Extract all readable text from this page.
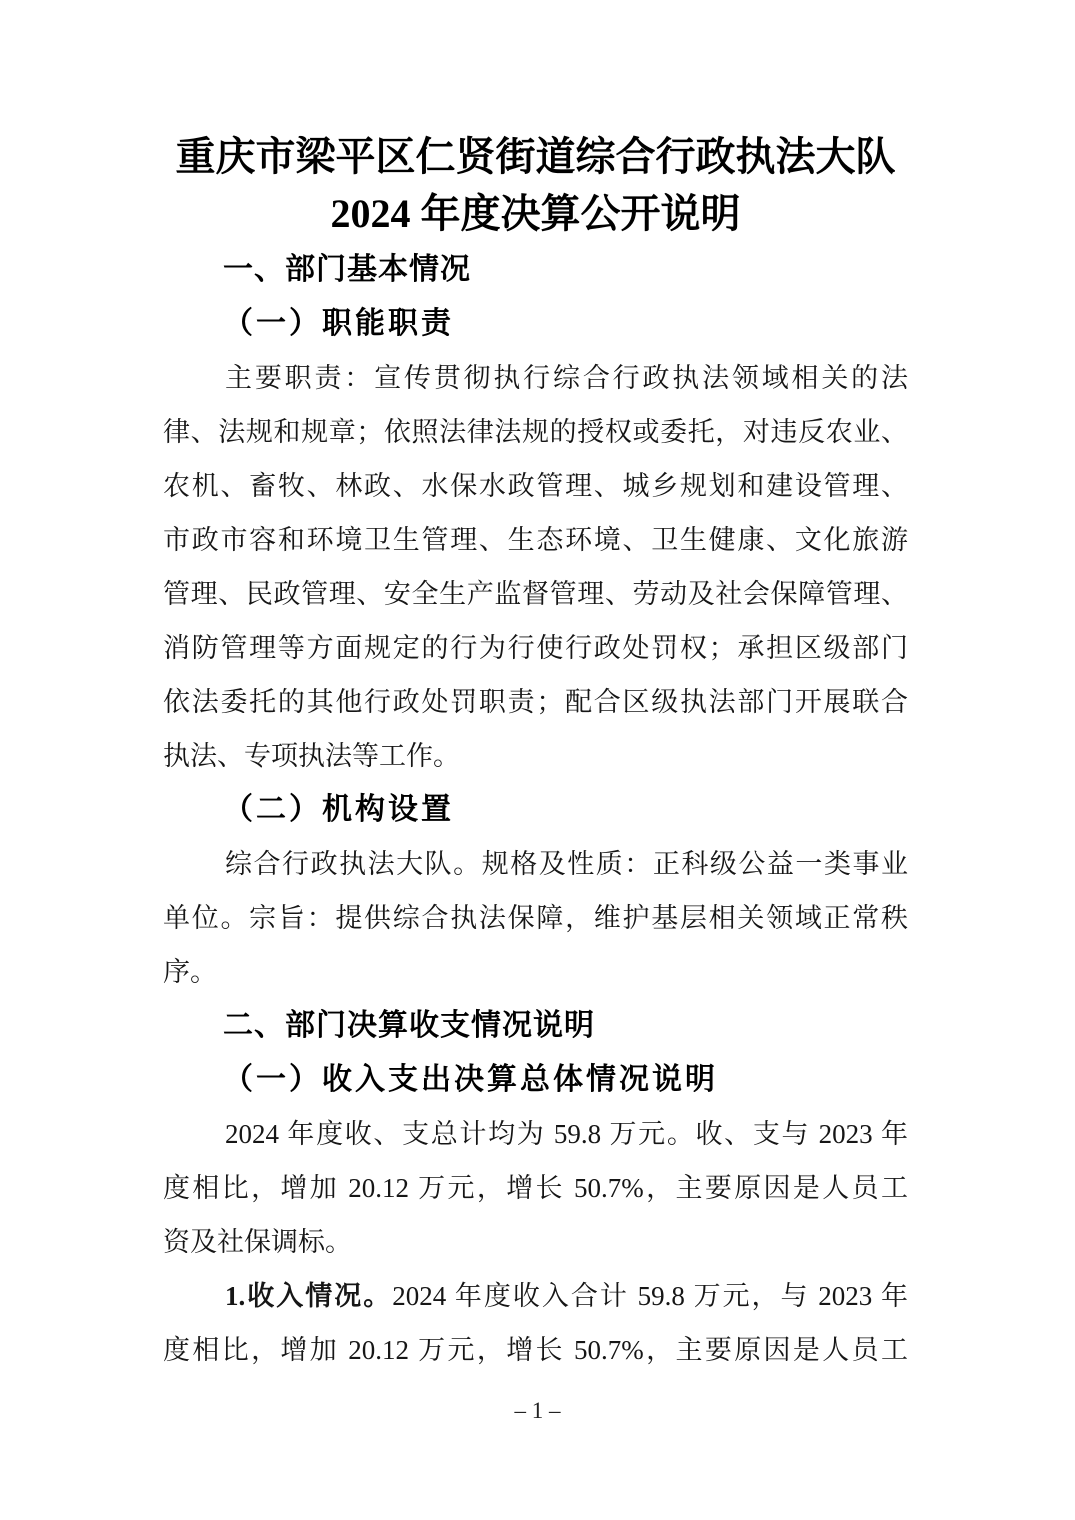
重庆市梁平区仁贤街道综合行政执法大队
2024 年度决算公开说明
一、部门基本情况
（一）职能职责
主要职责：宣传贯彻执行综合行政执法领域相关的法
律、法规和规章；依照法律法规的授权或委托，对违反农业、
农机、畜牧、林政、水保水政管理、城乡规划和建设管理、
市政市容和环境卫生管理、生态环境、卫生健康、文化旅游
管理、民政管理、安全生产监督管理、劳动及社会保障管理、
消防管理等方面规定的行为行使行政处罚权；承担区级部门
依法委托的其他行政处罚职责；配合区级执法部门开展联合
执法、专项执法等工作。
（二）机构设置
综合行政执法大队。规格及性质：正科级公益一类事业
单位。宗旨：提供综合执法保障，维护基层相关领域正常秩
序。
二、部门决算收支情况说明
（一）收入支出决算总体情况说明
2024 年度收、支总计均为 59.8 万元。收、支与 2023 年
度相比，增加 20.12 万元，增长 50.7%，主要原因是人员工
资及社保调标。
1.收入情况。2024 年度收入合计 59.8 万元，与 2023 年
度相比，增加 20.12 万元，增长 50.7%，主要原因是人员工
– 1 –
